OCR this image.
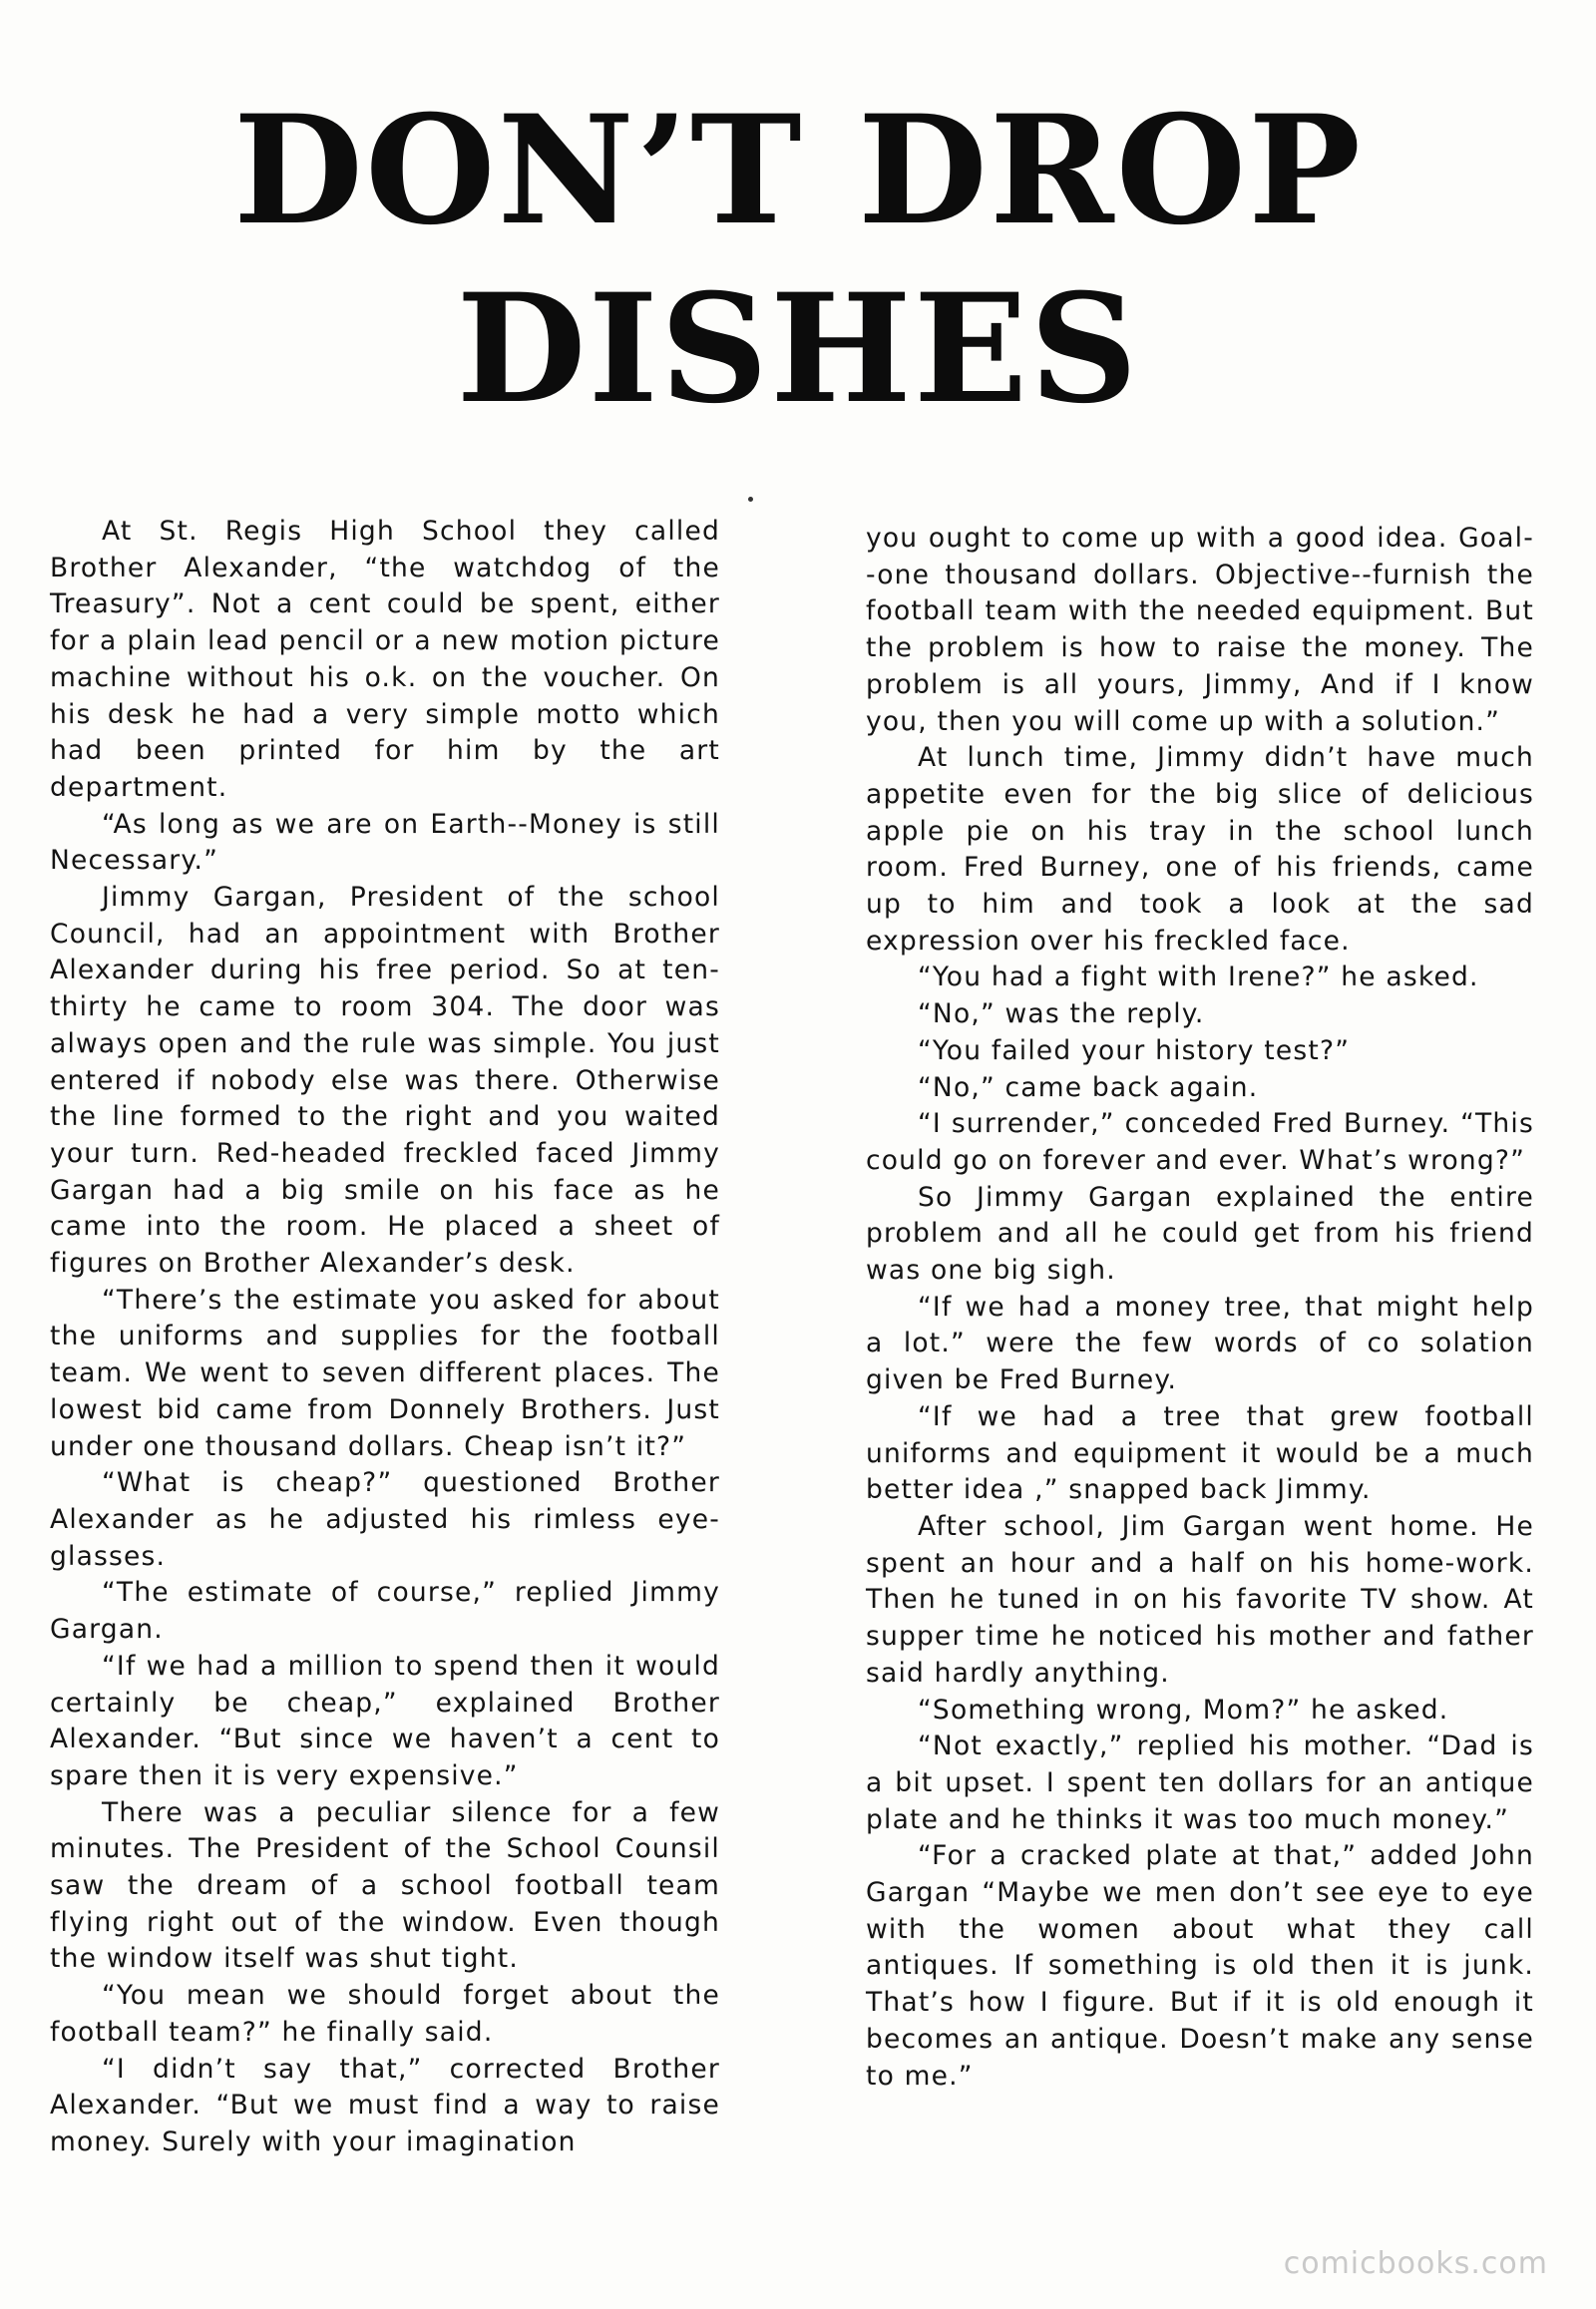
DON’T DROP
DISHES

At St. Regis High School they called Brother Alexander, “the watchdog of the Treasury”. Not a cent could be spent, either for a plain lead pencil or a new motion picture machine without his o.k. on the voucher. On his desk he had a very simple motto which had been printed for him by the art department.

“As long as we are on Earth--Money is still Necessary.”

Jimmy Gargan, President of the school Council, had an appointment with Brother Alexander during his free period. So at ten-thirty he came to room 304. The door was always open and the rule was simple. You just entered if nobody else was there. Otherwise the line formed to the right and you waited your turn. Red-headed freckled faced Jimmy Gargan had a big smile on his face as he came into the room. He placed a sheet of figures on Brother Alexander’s desk.

“There’s the estimate you asked for about the uniforms and supplies for the football team. We went to seven different places. The lowest bid came from Donnely Brothers. Just under one thousand dollars. Cheap isn’t it?”

“What is cheap?” questioned Brother Alexander as he adjusted his rimless eye-glasses.

“The estimate of course,” replied Jimmy Gargan.

“If we had a million to spend then it would certainly be cheap,” explained Brother Alexander. “But since we haven’t a cent to spare then it is very expensive.”

There was a peculiar silence for a few minutes. The President of the School Counsil saw the dream of a school football team flying right out of the window. Even though the window itself was shut tight.

“You mean we should forget about the football team?” he finally said.

“I didn’t say that,” corrected Brother Alexander. “But we must find a way to raise money. Surely with your imagination

you ought to come up with a good idea. Goal--one thousand dollars. Objective--furnish the football team with the needed equipment. But the problem is how to raise the money. The problem is all yours, Jimmy, And if I know you, then you will come up with a solution.”

At lunch time, Jimmy didn’t have much appetite even for the big slice of delicious apple pie on his tray in the school lunch room. Fred Burney, one of his friends, came up to him and took a look at the sad expression over his freckled face.

“You had a fight with Irene?” he asked.

“No,” was the reply.

“You failed your history test?”

“No,” came back again.

“I surrender,” conceded Fred Burney. “This could go on forever and ever. What’s wrong?”

So Jimmy Gargan explained the entire problem and all he could get from his friend was one big sigh.

“If we had a money tree, that might help a lot.” were the few words of co solation given be Fred Burney.

“If we had a tree that grew football uniforms and equipment it would be a much better idea ,” snapped back Jimmy.

After school, Jim Gargan went home. He spent an hour and a half on his home-work. Then he tuned in on his favorite TV show. At supper time he noticed his mother and father said hardly anything.

“Something wrong, Mom?” he asked.

“Not exactly,” replied his mother. “Dad is a bit upset. I spent ten dollars for an antique plate and he thinks it was too much money.”

“For a cracked plate at that,” added John Gargan “Maybe we men don’t see eye to eye with the women about what they call antiques. If something is old then it is junk. That’s how I figure. But if it is old enough it becomes an antique. Doesn’t make any sense to me.”

comicbooks.com
